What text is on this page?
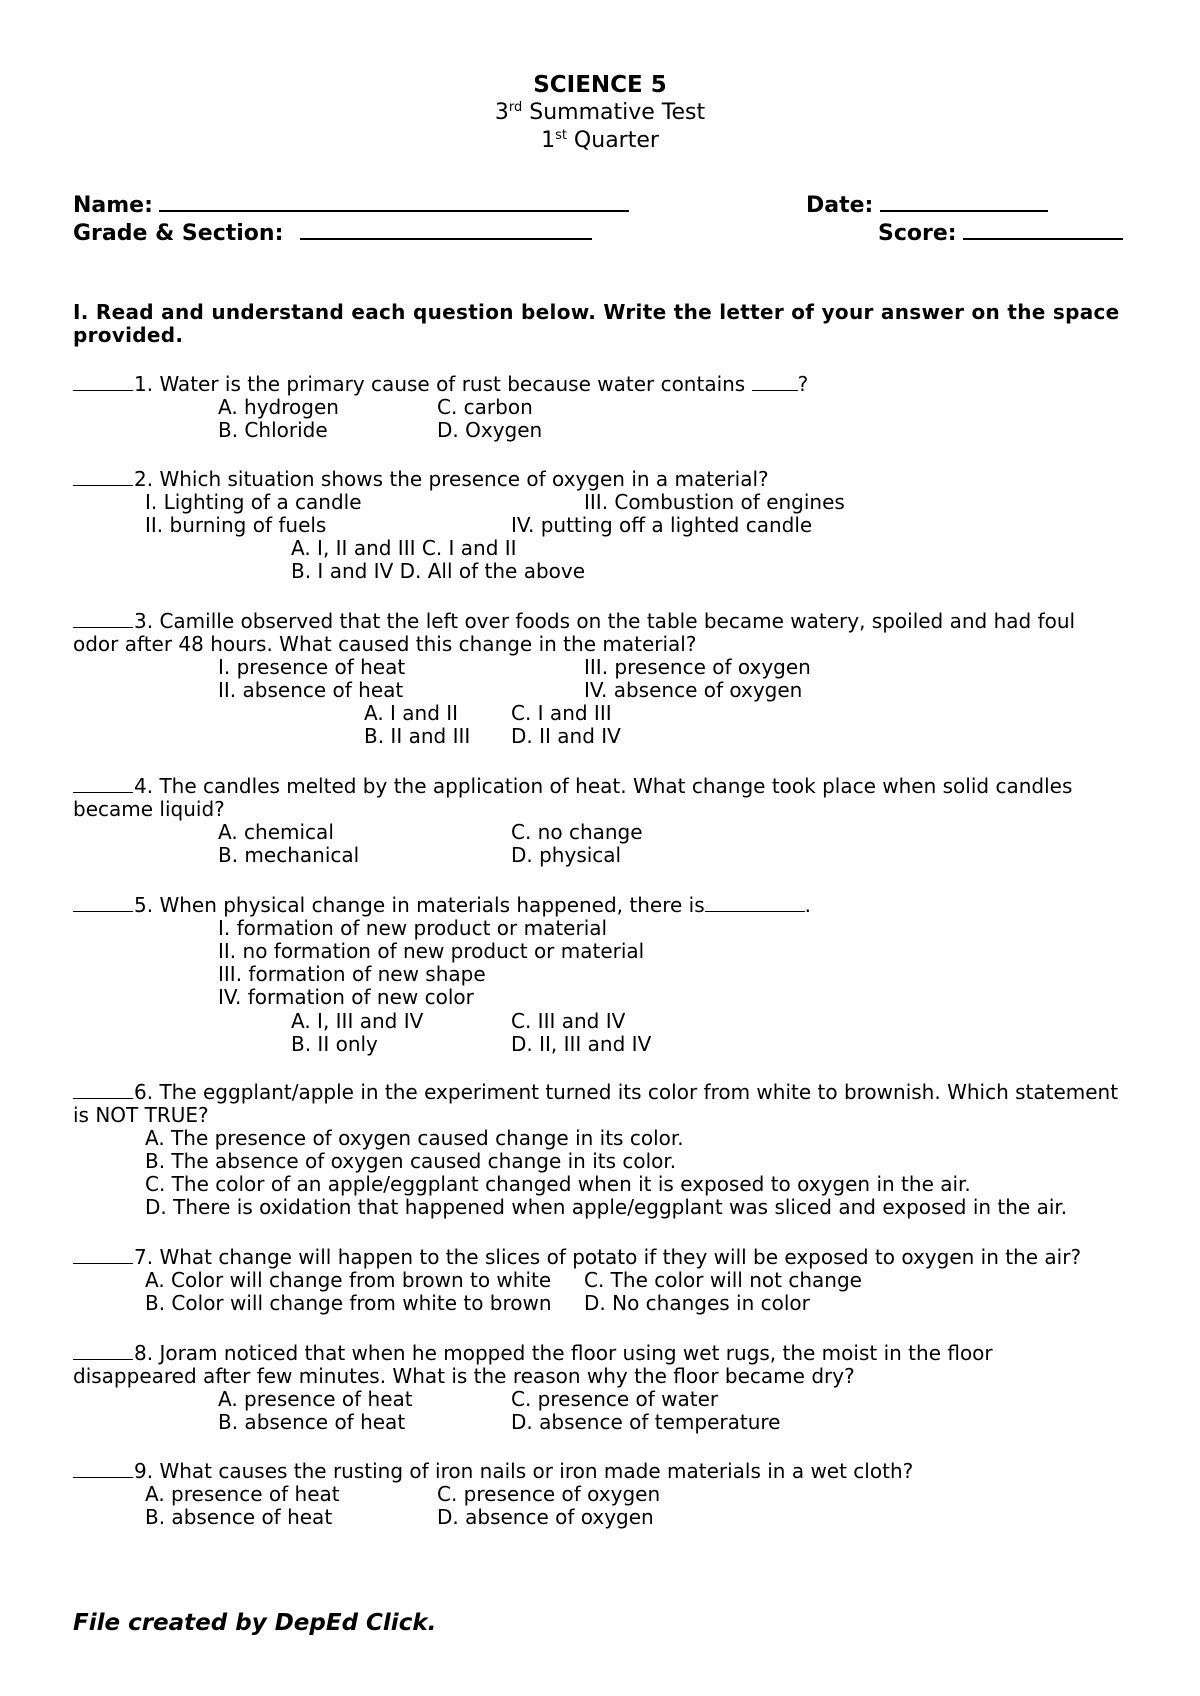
SCIENCE 5
3rd Summative Test
1st Quarter
Name:	Date:
Grade & Section:	Score:
I. Read and understand each question below. Write the letter of your answer on the space provided.
1. Water is the primary cause of rust because water contains ?
A. hydrogen	C. carbon
B. Chloride	D. Oxygen
2. Which situation shows the presence of oxygen in a material?
I. Lighting of a candle	III. Combustion of engines
II. burning of fuels	IV. putting off a lighted candle
A. I, II and III C. I and II
B. I and IV D. All of the above
3. Camille observed that the left over foods on the table became watery, spoiled and had foul
odor after 48 hours. What caused this change in the material?
I. presence of heat	III. presence of oxygen
II. absence of heat	IV. absence of oxygen
A. I and II	C. I and III
B. II and III D. II and IV
4. The candles melted by the application of heat. What change took place when solid candles
became liquid?
A. chemical	C. no change
B. mechanical	D. physical
5. When physical change in materials happened, there is	.
I. formation of new product or material
II. no formation of new product or material
III. formation of new shape
IV. formation of new color
A. I, III and IV	C. III and IV
B. II only	D. II, III and IV
6. The eggplant/apple in the experiment turned its color from white to brownish. Which statement
is NOT TRUE?
A. The presence of oxygen caused change in its color.
B. The absence of oxygen caused change in its color.
C. The color of an apple/eggplant changed when it is exposed to oxygen in the air.
D. There is oxidation that happened when apple/eggplant was sliced and exposed in the air.
7. What change will happen to the slices of potato if they will be exposed to oxygen in the air?
A. Color will change from brown to white C. The color will not change
B. Color will change from white to brown D. No changes in color
8. Joram noticed that when he mopped the floor using wet rugs, the moist in the floor
disappeared after few minutes. What is the reason why the floor became dry?
A. presence of heat	C. presence of water
B. absence of heat	D. absence of temperature
9. What causes the rusting of iron nails or iron made materials in a wet cloth?
A. presence of heat	C. presence of oxygen
B. absence of heat	D. absence of oxygen
File created by DepEd Click.
